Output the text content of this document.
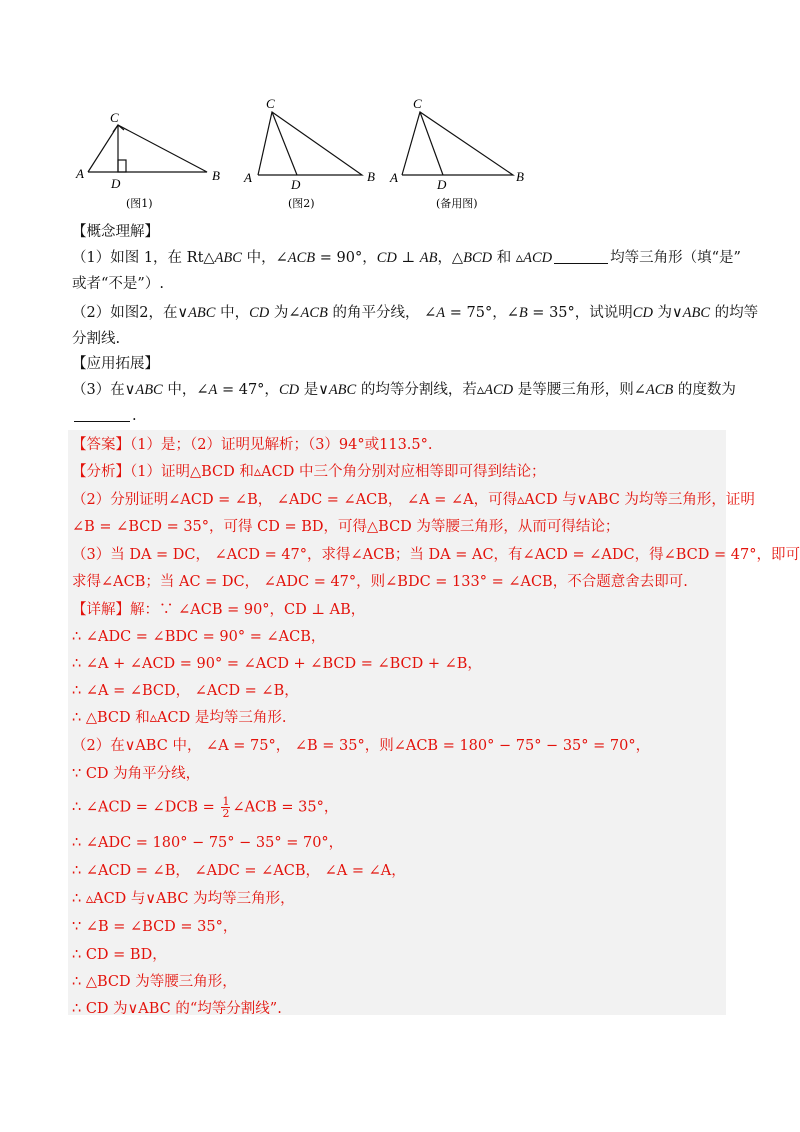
C
A	B
D
(图1)
C
A	B
D
(图2)
C
A	B
D
(备用图)
【概念理解】
（1）如图 1，在 Rt△ABC 中，∠ACB = 90°，CD ⊥ AB，△BCD 和 ▵ACD	均等三角形（填“是”
或者“不是”）.
（2）如图2，在∨ABC 中，CD 为∠ACB 的角平分线， ∠A = 75°，∠B = 35°，试说明CD 为∨ABC 的均等
分割线.
【应用拓展】
（3）在∨ABC 中，∠A = 47°，CD 是∨ABC 的均等分割线，若▵ACD 是等腰三角形，则∠ACB 的度数为
.
【答案】（1）是；（2）证明见解析；（3）94°或113.5°.
【分析】（1）证明△BCD 和▵ACD 中三个角分别对应相等即可得到结论；
（2）分别证明∠ACD = ∠B， ∠ADC = ∠ACB， ∠A = ∠A，可得▵ACD 与∨ABC 为均等三角形，证明
∠B = ∠BCD = 35°，可得 CD = BD，可得△BCD 为等腰三角形，从而可得结论；
（3）当 DA = DC， ∠ACD = 47°，求得∠ACB；当 DA = AC，有∠ACD = ∠ADC，得∠BCD = 47°，即可
求得∠ACB；当 AC = DC， ∠ADC = 47°，则∠BDC = 133° = ∠ACB，不合题意舍去即可.
【详解】解：∵ ∠ACB = 90°，CD ⊥ AB，
∴ ∠ADC = ∠BDC = 90° = ∠ACB，
∴ ∠A + ∠ACD = 90° = ∠ACD + ∠BCD = ∠BCD + ∠B，
∴ ∠A = ∠BCD， ∠ACD = ∠B，
∴ △BCD 和▵ACD 是均等三角形.
（2）在∨ABC 中， ∠A = 75°， ∠B = 35°，则∠ACB = 180° − 75° − 35° = 70°，
∵ CD 为角平分线，
∴ ∠ACD = ∠DCB = $\frac{1}{2}$ ∠ACB = 35°，
∴ ∠ADC = 180° − 75° − 35° = 70°，
∴ ∠ACD = ∠B， ∠ADC = ∠ACB， ∠A = ∠A，
∴ ▵ACD 与∨ABC 为均等三角形，
∵ ∠B = ∠BCD = 35°，
∴ CD = BD，
∴ △BCD 为等腰三角形，
∴ CD 为∨ABC 的“均等分割线”.
